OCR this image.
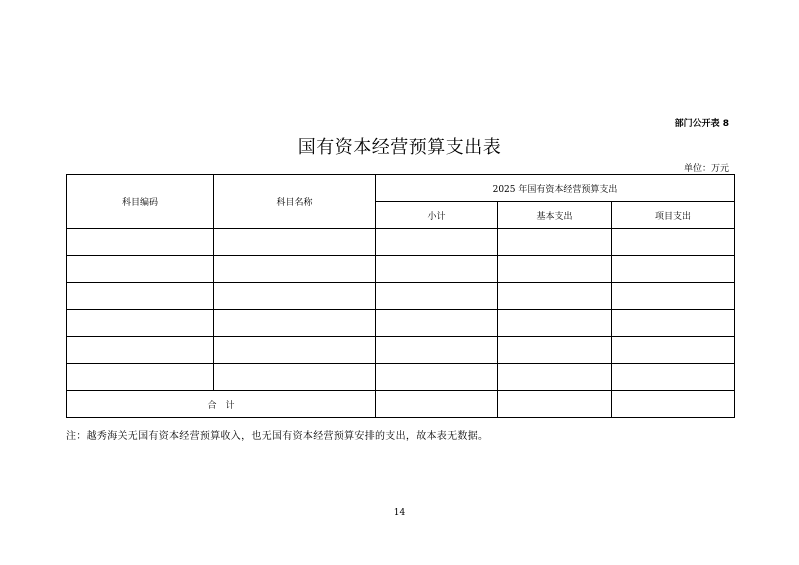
部门公开表 8
国有资本经营预算支出表
单位：万元
科目编码	科目名称	2025 年国有资本经营预算支出		
		小计	基本支出	项目支出

合　计				
注：越秀海关无国有资本经营预算收入，也无国有资本经营预算安排的支出，故本表无数据。
14
